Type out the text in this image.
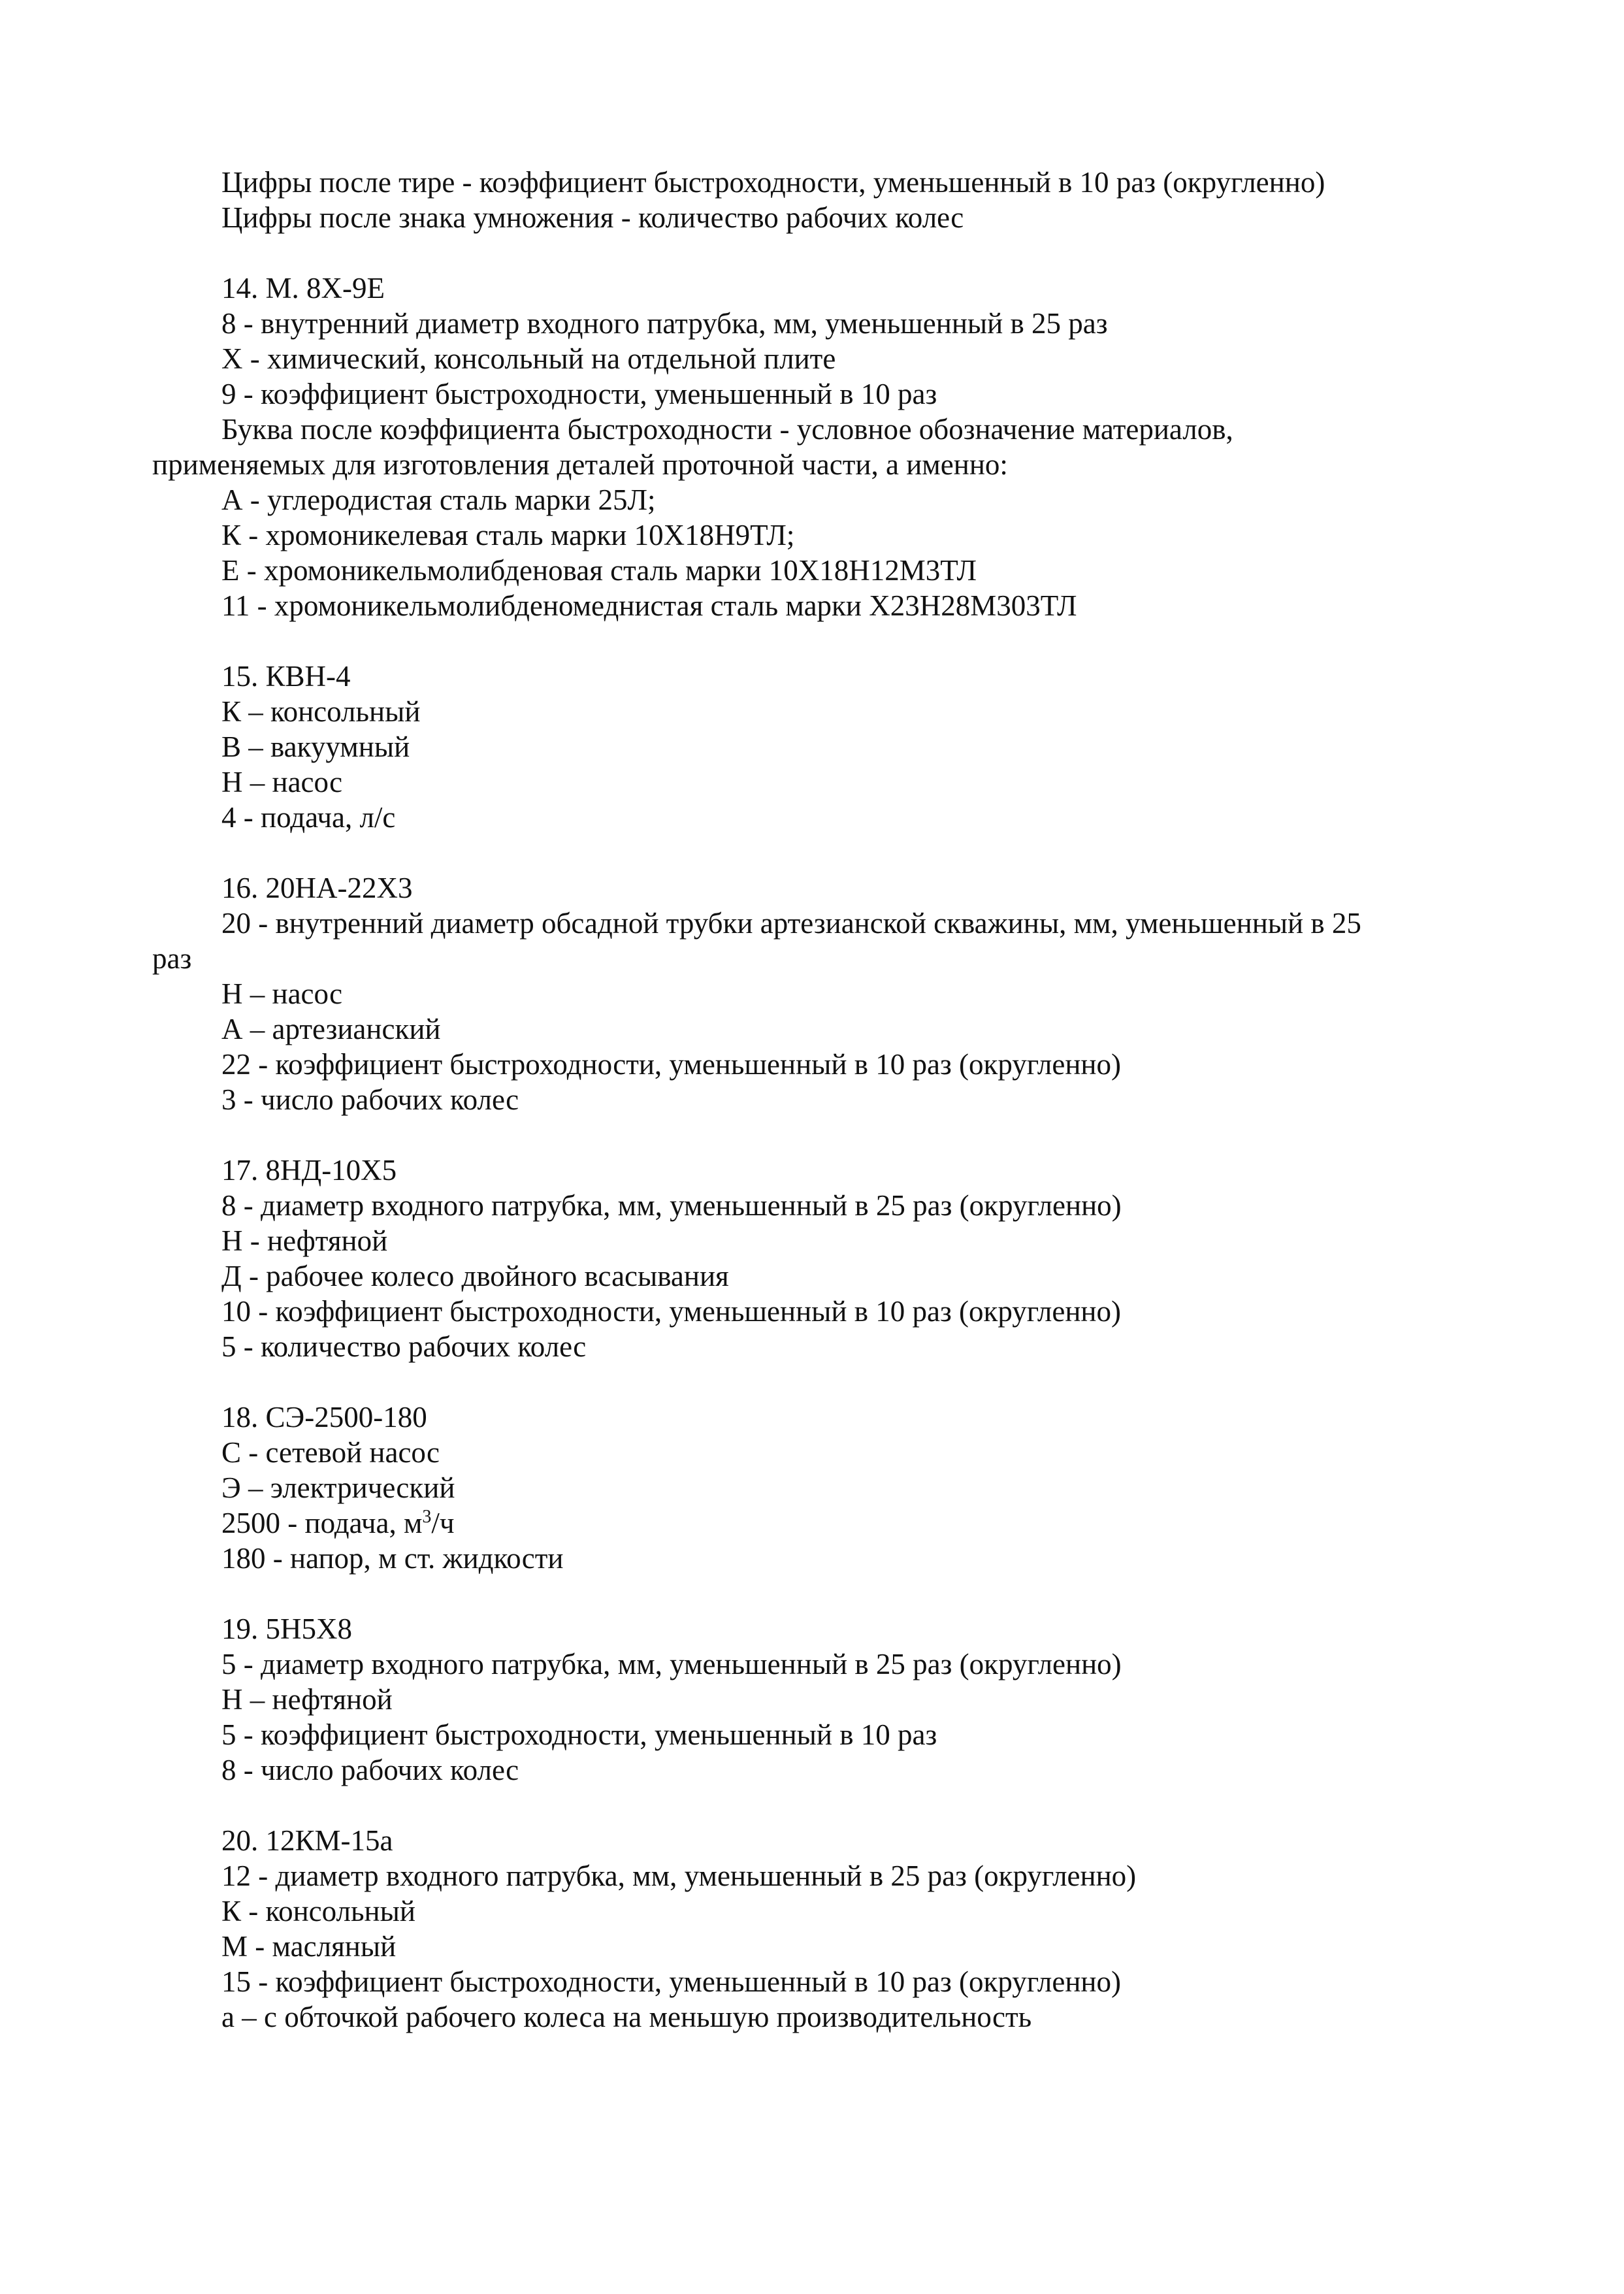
Цифры после тире - коэффициент быстроходности, уменьшенный в 10 раз (округленно)
Цифры после знака умножения - количество рабочих колес
14. М. 8Х-9Е
8 - внутренний диаметр входного патрубка, мм, уменьшенный в 25 раз
Х - химический, консольный на отдельной плите
9 - коэффициент быстроходности, уменьшенный в 10 раз
Буква после коэффициента быстроходности - условное обозначение материалов,
применяемых для изготовления деталей проточной части, а именно:
А - углеродистая сталь марки 25Л;
К - хромоникелевая сталь марки 10Х18Н9ТЛ;
Е - хромоникельмолибденовая сталь марки 10Х18Н12М3ТЛ
11 - хромоникельмолибденомеднистая сталь марки Х23Н28М303ТЛ
15. КВН-4
К – консольный
В – вакуумный
Н – насос
4 - подача, л/с
16. 20НА-22Х3
20 - внутренний диаметр обсадной трубки артезианской скважины, мм, уменьшенный в 25
раз
Н – насос
А – артезианский
22 - коэффициент быстроходности, уменьшенный в 10 раз (округленно)
3 - число рабочих колес
17. 8НД-10Х5
8 - диаметр входного патрубка, мм, уменьшенный в 25 раз (округленно)
Н - нефтяной
Д - рабочее колесо двойного всасывания
10 - коэффициент быстроходности, уменьшенный в 10 раз (округленно)
5 - количество рабочих колес
18. СЭ-2500-180
С - сетевой насос
Э – электрический
2500 - подача, $м^3/ч$
180 - напор, м ст. жидкости
19. 5Н5Х8
5 - диаметр входного патрубка, мм, уменьшенный в 25 раз (округленно)
Н – нефтяной
5 - коэффициент быстроходности, уменьшенный в 10 раз
8 - число рабочих колес
20. 12КМ-15а
12 - диаметр входного патрубка, мм, уменьшенный в 25 раз (округленно)
К - консольный
М - масляный
15 - коэффициент быстроходности, уменьшенный в 10 раз (округленно)
а – с обточкой рабочего колеса на меньшую производительность
